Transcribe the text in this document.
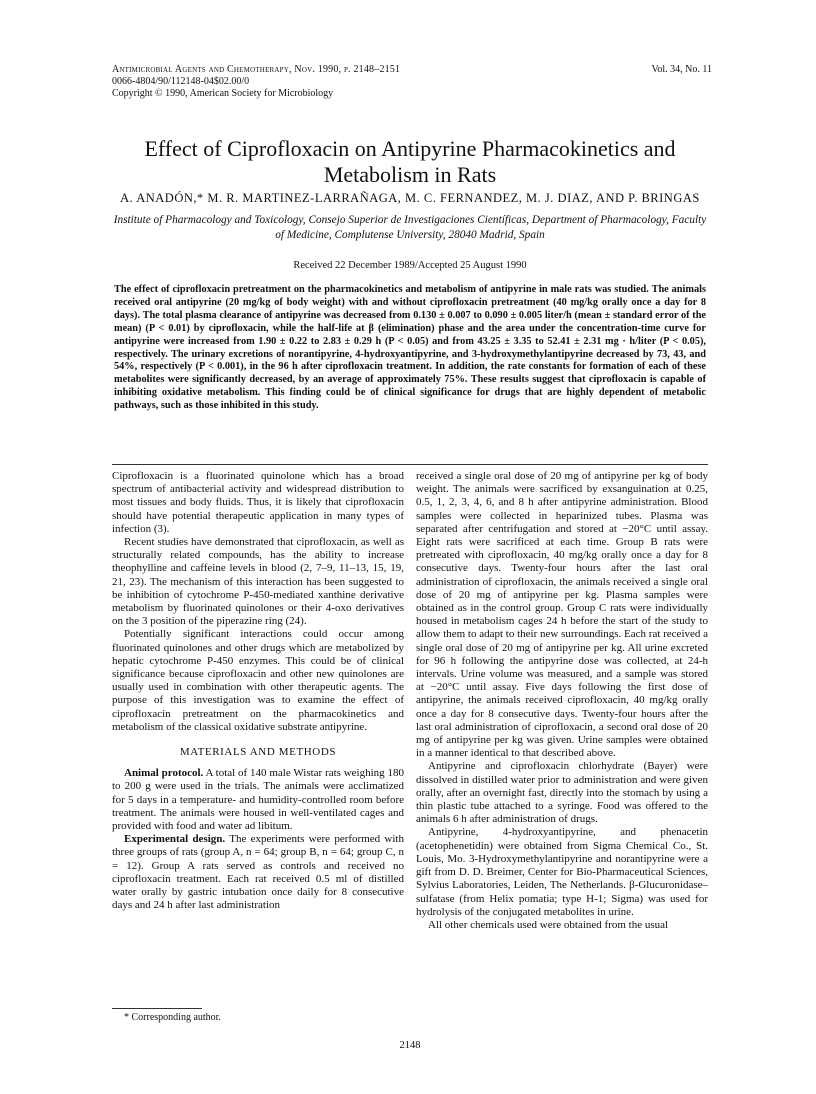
Antimicrobial Agents and Chemotherapy, Nov. 1990, p. 2148–2151
0066-4804/90/112148-04$02.00/0
Copyright © 1990, American Society for Microbiology
Vol. 34, No. 11
Effect of Ciprofloxacin on Antipyrine Pharmacokinetics and Metabolism in Rats
A. ANADÓN,* M. R. MARTINEZ-LARRAÑAGA, M. C. FERNANDEZ, M. J. DIAZ, AND P. BRINGAS
Institute of Pharmacology and Toxicology, Consejo Superior de Investigaciones Científicas, Department of Pharmacology, Faculty of Medicine, Complutense University, 28040 Madrid, Spain
Received 22 December 1989/Accepted 25 August 1990

The effect of ciprofloxacin pretreatment on the pharmacokinetics and metabolism of antipyrine in male rats was studied. The animals received oral antipyrine (20 mg/kg of body weight) with and without ciprofloxacin pretreatment (40 mg/kg orally once a day for 8 days). The total plasma clearance of antipyrine was decreased from 0.130 ± 0.007 to 0.090 ± 0.005 liter/h (mean ± standard error of the mean) (P < 0.01) by ciprofloxacin, while the half-life at β (elimination) phase and the area under the concentration-time curve for antipyrine were increased from 1.90 ± 0.22 to 2.83 ± 0.29 h (P < 0.05) and from 43.25 ± 3.35 to 52.41 ± 2.31 mg · h/liter (P < 0.05), respectively. The urinary excretions of norantipyrine, 4-hydroxyantipyrine, and 3-hydroxymethylantipyrine decreased by 73, 43, and 54%, respectively (P < 0.001), in the 96 h after ciprofloxacin treatment. In addition, the rate constants for formation of each of these metabolites were significantly decreased, by an average of approximately 75%. These results suggest that ciprofloxacin is capable of inhibiting oxidative metabolism. This finding could be of clinical significance for drugs that are highly dependent of metabolic pathways, such as those inhibited in this study.

Ciprofloxacin is a fluorinated quinolone which has a broad spectrum of antibacterial activity and widespread distribution to most tissues and body fluids. Thus, it is likely that ciprofloxacin should have potential therapeutic application in many types of infection (3).

Recent studies have demonstrated that ciprofloxacin, as well as structurally related compounds, has the ability to increase theophylline and caffeine levels in blood (2, 7–9, 11–13, 15, 19, 21, 23). The mechanism of this interaction has been suggested to be inhibition of cytochrome P-450-mediated xanthine derivative metabolism by fluorinated quinolones or their 4-oxo derivatives on the 3 position of the piperazine ring (24).

Potentially significant interactions could occur among fluorinated quinolones and other drugs which are metabolized by hepatic cytochrome P-450 enzymes. This could be of clinical significance because ciprofloxacin and other new quinolones are usually used in combination with other therapeutic agents. The purpose of this investigation was to examine the effect of ciprofloxacin pretreatment on the pharmacokinetics and metabolism of the classical oxidative substrate antipyrine.

MATERIALS AND METHODS

Animal protocol. A total of 140 male Wistar rats weighing 180 to 200 g were used in the trials. The animals were acclimatized for 5 days in a temperature- and humidity-controlled room before treatment. The animals were housed in well-ventilated cages and provided with food and water ad libitum.

Experimental design. The experiments were performed with three groups of rats (group A, n = 64; group B, n = 64; group C, n = 12). Group A rats served as controls and received no ciprofloxacin treatment. Each rat received 0.5 ml of distilled water orally by gastric intubation once daily for 8 consecutive days and 24 h after last administration

received a single oral dose of 20 mg of antipyrine per kg of body weight. The animals were sacrificed by exsanguination at 0.25, 0.5, 1, 2, 3, 4, 6, and 8 h after antipyrine administration. Blood samples were collected in heparinized tubes. Plasma was separated after centrifugation and stored at −20°C until assay. Eight rats were sacrificed at each time. Group B rats were pretreated with ciprofloxacin, 40 mg/kg orally once a day for 8 consecutive days. Twenty-four hours after the last oral administration of ciprofloxacin, the animals received a single oral dose of 20 mg of antipyrine per kg. Plasma samples were obtained as in the control group. Group C rats were individually housed in metabolism cages 24 h before the start of the study to allow them to adapt to their new surroundings. Each rat received a single oral dose of 20 mg of antipyrine per kg. All urine excreted for 96 h following the antipyrine dose was collected, at 24-h intervals. Urine volume was measured, and a sample was stored at −20°C until assay. Five days following the first dose of antipyrine, the animals received ciprofloxacin, 40 mg/kg orally once a day for 8 consecutive days. Twenty-four hours after the last oral administration of ciprofloxacin, a second oral dose of 20 mg of antipyrine per kg was given. Urine samples were obtained in a manner identical to that described above.

Antipyrine and ciprofloxacin chlorhydrate (Bayer) were dissolved in distilled water prior to administration and were given orally, after an overnight fast, directly into the stomach by using a thin plastic tube attached to a syringe. Food was offered to the animals 6 h after administration of drugs.

Antipyrine, 4-hydroxyantipyrine, and phenacetin (acetophenetidin) were obtained from Sigma Chemical Co., St. Louis, Mo. 3-Hydroxymethylantipyrine and norantipyrine were a gift from D. D. Breimer, Center for Bio-Pharmaceutical Sciences, Sylvius Laboratories, Leiden, The Netherlands. β-Glucuronidase–sulfatase (from Helix pomatia; type H-1; Sigma) was used for hydrolysis of the conjugated metabolites in urine.

All other chemicals used were obtained from the usual

* Corresponding author.
2148
